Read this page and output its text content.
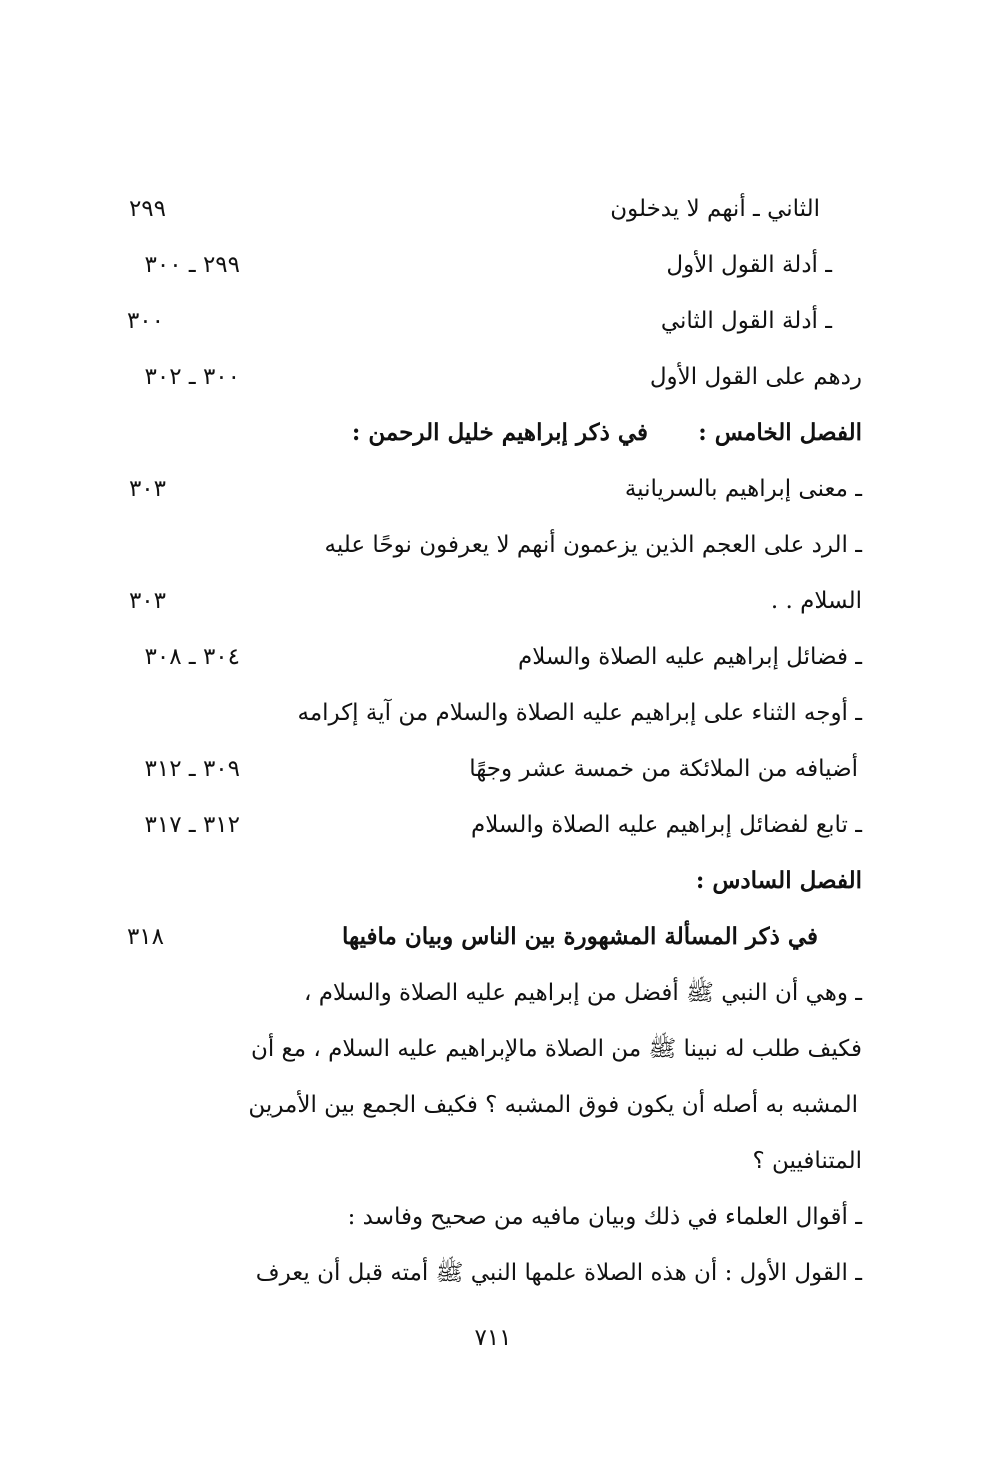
الثاني ـ أنهم لا يدخلون
٢٩٩
ـ أدلة القول الأول
٢٩٩ ـ ٣٠٠
ـ أدلة القول الثاني
٣٠٠
ردهم على القول الأول
٣٠٠ ـ ٣٠٢
الفصل الخامس :
في ذكر إبراهيم خليل الرحمن :
ـ معنى إبراهيم بالسريانية
٣٠٣
ـ الرد على العجم الذين يزعمون أنهم لا يعرفون نوحًا عليه
السلام . .
٣٠٣
ـ فضائل إبراهيم عليه الصلاة والسلام
٣٠٤ ـ ٣٠٨
ـ أوجه الثناء على إبراهيم عليه الصلاة والسلام من آية إكرامه
أضيافه من الملائكة من خمسة عشر وجهًا
٣٠٩ ـ ٣١٢
ـ تابع لفضائل إبراهيم عليه الصلاة والسلام
٣١٢ ـ ٣١٧
الفصل السادس :
في ذكر المسألة المشهورة بين الناس وبيان مافيها
٣١٨
ـ وهي أن النبي ﷺ أفضل من إبراهيم عليه الصلاة والسلام ،
فكيف طلب له نبينا ﷺ من الصلاة مالإبراهيم عليه السلام ، مع أن
المشبه به أصله أن يكون فوق المشبه ؟ فكيف الجمع بين الأمرين
المتنافيين ؟
ـ أقوال العلماء في ذلك وبيان مافيه من صحيح وفاسد :
ـ القول الأول : أن هذه الصلاة علمها النبي ﷺ أمته قبل أن يعرف
٧١١
